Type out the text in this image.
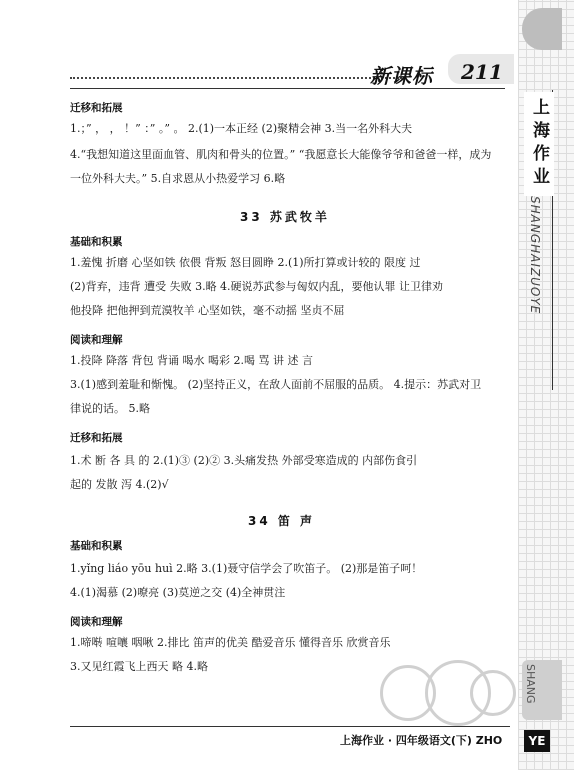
新课标 211
上海作业
SHANGHAIZUOYE
SHANG
迁移和拓展
1.；” ， ， ！” ：” 。” 。 2.(1)一本正经 (2)聚精会神 3.当一名外科大夫
4.“我想知道这里面血管、肌肉和骨头的位置。” “我愿意长大能像爷爷和爸爸一样，成为
一位外科大夫。” 5.自求恩从小热爱学习 6.略
33 苏武牧羊
基础和积累
1.羞愧 折磨 心坚如铁 依偎 背叛 怒目圆睁 2.(1)所打算或计较的 限度 过
(2)背弃，违背 遭受 失败 3.略 4.硬说苏武参与匈奴内乱，要他认罪 让卫律劝
他投降 把他押到荒漠牧羊 心坚如铁，毫不动摇 坚贞不屈
阅读和理解
1.投降 降落 背包 背诵 喝水 喝彩 2.喝 骂 讲 述 言
3.(1)感到羞耻和惭愧。 (2)坚持正义，在敌人面前不屈服的品质。 4.提示：苏武对卫
律说的话。 5.略
迁移和拓展
1.术 断 各 具 的 2.(1)③ (2)② 3.头痛发热 外部受寒造成的 内部伤食引
起的 发散 泻 4.(2)√
34 笛 声
基础和积累
1.yǐng liáo yōu huì 2.略 3.(1)聂守信学会了吹笛子。 (2)那是笛子呵！
4.(1)渴慕 (2)嘹亮 (3)莫逆之交 (4)全神贯注
阅读和理解
1.啼啭 喧嚷 咽啾 2.排比 笛声的优美 酷爱音乐 懂得音乐 欣赏音乐
3.又见红霞飞上西天 略 4.略
上海作业 · 四年级语文(下) ZHO	YE
